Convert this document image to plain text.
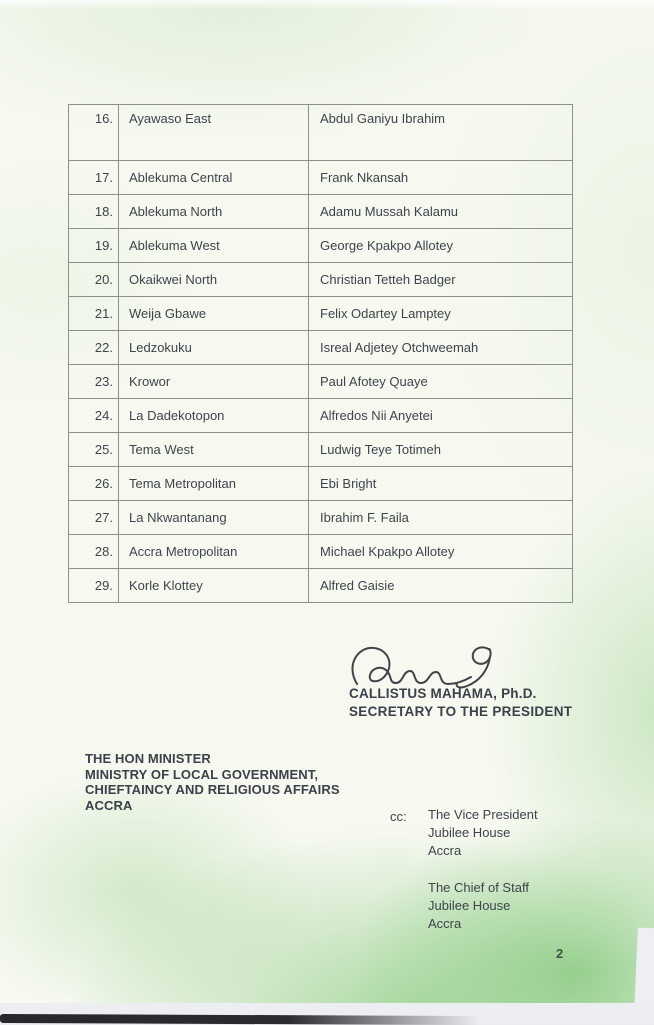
16.	Ayawaso East	Abdul Ganiyu Ibrahim
17.	Ablekuma Central	Frank Nkansah
18.	Ablekuma North	Adamu Mussah Kalamu
19.	Ablekuma West	George Kpakpo Allotey
20.	Okaikwei North	Christian Tetteh Badger
21.	Weija Gbawe	Felix Odartey Lamptey
22.	Ledzokuku	Isreal Adjetey Otchweemah
23.	Krowor	Paul Afotey Quaye
24.	La Dadekotopon	Alfredos Nii Anyetei
25.	Tema West	Ludwig Teye Totimeh
26.	Tema Metropolitan	Ebi Bright
27.	La Nkwantanang	Ibrahim F. Faila
28.	Accra Metropolitan	Michael Kpakpo Allotey
29.	Korle Klottey	Alfred Gaisie
CALLISTUS MAHAMA, Ph.D.
SECRETARY TO THE PRESIDENT
THE HON MINISTER
MINISTRY OF LOCAL GOVERNMENT,
CHIEFTAINCY AND RELIGIOUS AFFAIRS
ACCRA
cc: The Vice President
Jubilee House
Accra
The Chief of Staff
Jubilee House
Accra
2
